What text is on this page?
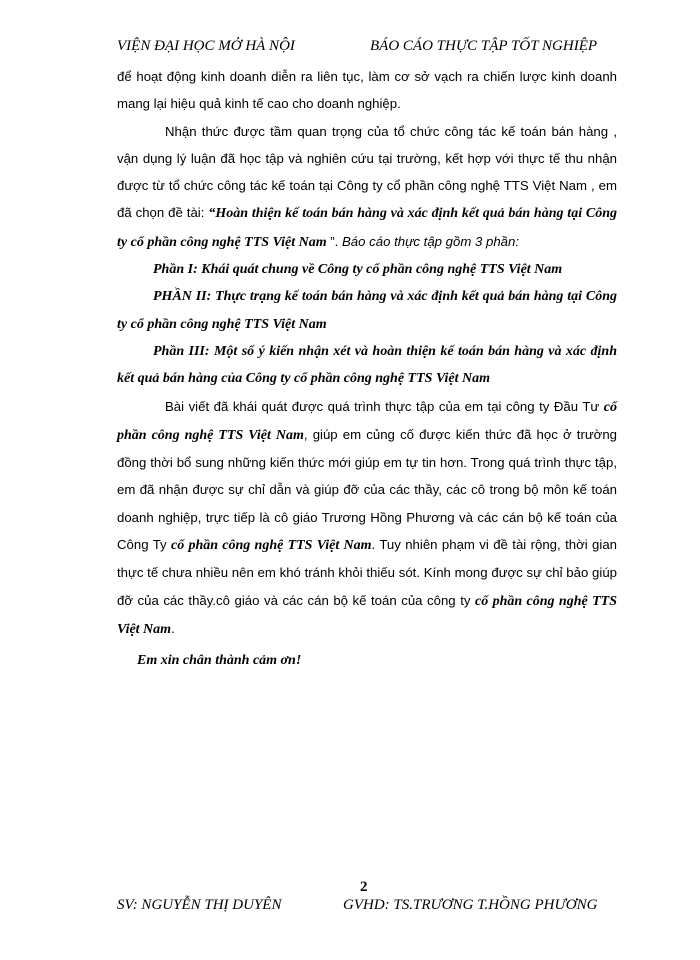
VIỆN ĐẠI HỌC MỞ HÀ NỘI	BÁO CÁO THỰC TẬP TỐT NGHIỆP

để hoạt động kinh doanh diễn ra liên tục, làm cơ sở vạch ra chiến lược kinh doanh mang lại hiệu quả kinh tế cao cho doanh nghiệp.

Nhận thức được tầm quan trọng của tổ chức công tác kế toán bán hàng , vận dụng lý luận đã học tập và nghiên cứu tại trường, kết hợp với thực tế thu nhận được từ tổ chức công tác kế toán tại Công ty cổ phần công nghệ TTS Việt Nam , em đã chọn đề tài: “Hoàn thiện kế toán bán hàng và xác định kết quả bán hàng tại Công ty cổ phần công nghệ TTS Việt Nam ”. Báo cáo thực tập gồm 3 phần:

Phần I: Khái quát chung về Công ty cổ phần công nghệ TTS Việt Nam

PHẦN II: Thực trạng kế toán bán hàng và xác định kết quả bán hàng tại Công ty cổ phần công nghệ TTS Việt Nam

Phần III: Một số ý kiến nhận xét và hoàn thiện kế toán bán hàng và xác định kết quả bán hàng của Công ty cổ phần công nghệ TTS Việt Nam

Bài viết đã khái quát được quá trình thực tập của em tại công ty Đầu Tư cổ phần công nghệ TTS Việt Nam, giúp em củng cố được kiến thức đã học ở trường đồng thời bổ sung những kiến thức mới giúp em tự tin hơn. Trong quá trình thực tập, em đã nhận được sự chỉ dẫn và giúp đỡ của các thầy, các cô trong bộ môn kế toán doanh nghiệp, trực tiếp là cô giáo Trương Hồng Phương và các cán bộ kế toán của Công Ty cổ phần công nghệ TTS Việt Nam. Tuy nhiên phạm vi đề tài rộng, thời gian thực tế chưa nhiều nên em khó tránh khỏi thiếu sót. Kính mong được sự chỉ bảo giúp đỡ của các thầy.cô giáo và các cán bộ kế toán của công ty cổ phần công nghệ TTS Việt Nam.

Em xin chân thành cảm ơn!

2
SV: NGUYỄN THỊ DUYÊN	GVHD: TS.TRƯƠNG T.HỒNG PHƯƠNG
